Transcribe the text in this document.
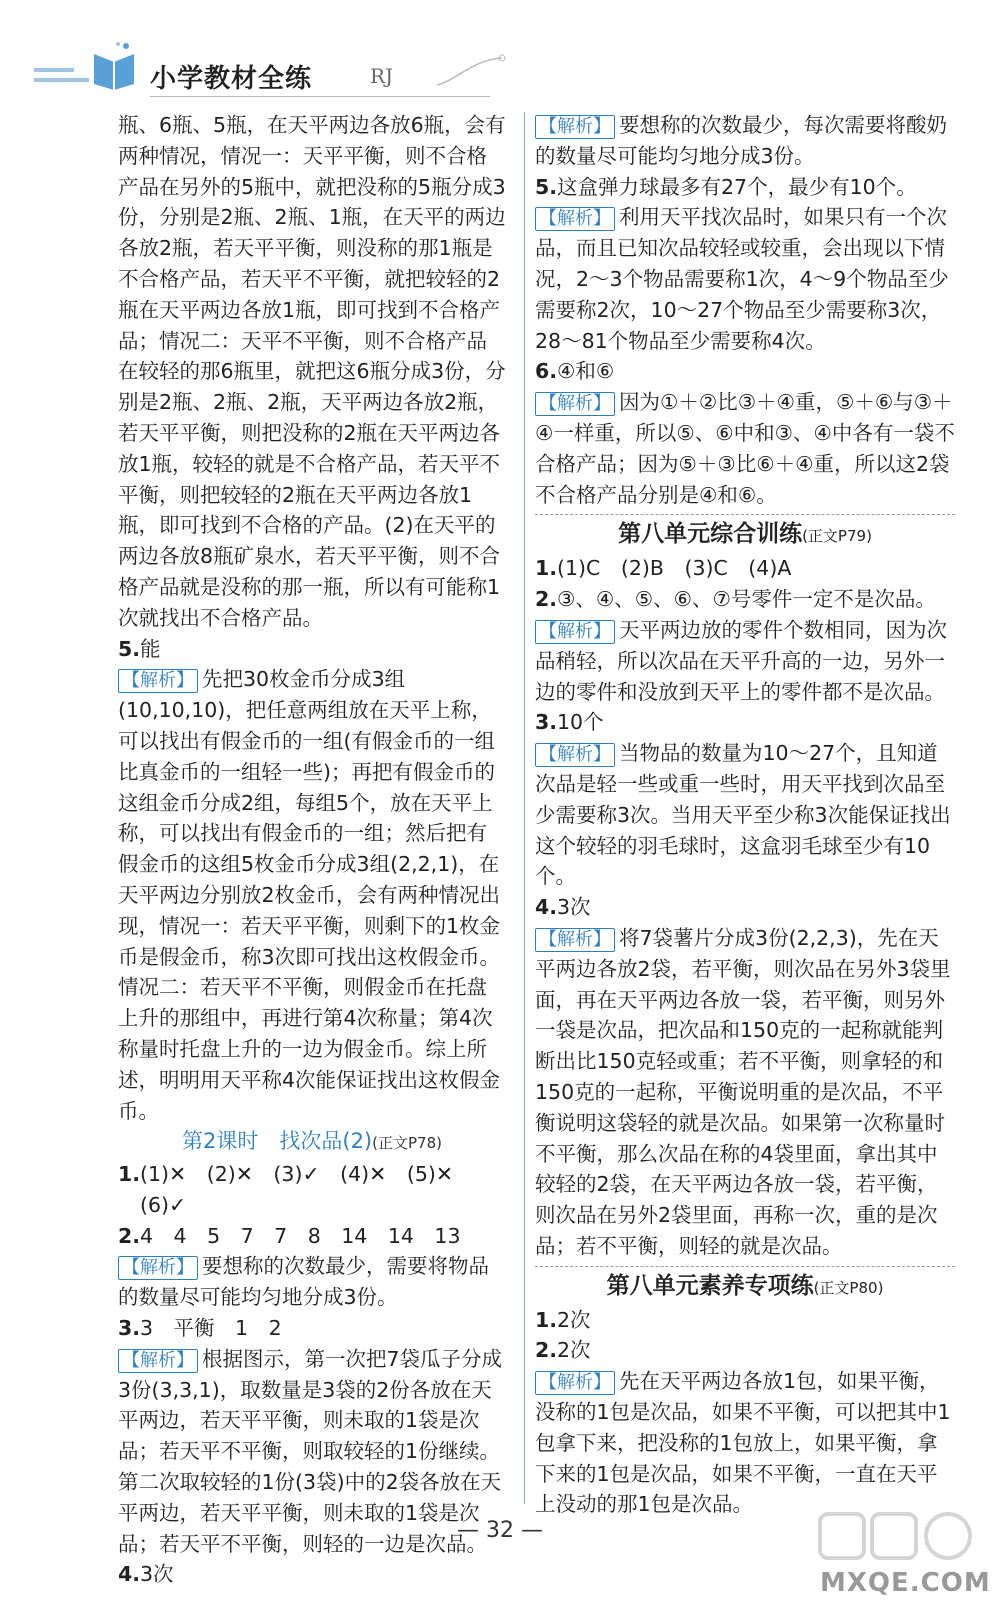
小学教材全练	RJ

瓶、6瓶、5瓶，在天平两边各放6瓶，会有两种情况，情况一：天平平衡，则不合格产品在另外的5瓶中，就把没称的5瓶分成3份，分别是2瓶、2瓶、1瓶，在天平的两边各放2瓶，若天平平衡，则没称的那1瓶是不合格产品，若天平不平衡，就把较轻的2瓶在天平两边各放1瓶，即可找到不合格产品；情况二：天平不平衡，则不合格产品在较轻的那6瓶里，就把这6瓶分成3份，分别是2瓶、2瓶、2瓶，天平两边各放2瓶，若天平平衡，则把没称的2瓶在天平两边各放1瓶，较轻的就是不合格产品，若天平不平衡，则把较轻的2瓶在天平两边各放1瓶，即可找到不合格的产品。(2)在天平的两边各放8瓶矿泉水，若天平平衡，则不合格产品就是没称的那一瓶，所以有可能称1次就找出不合格产品。

5.能

【解析】 先把30枚金币分成3组(10,10,10)，把任意两组放在天平上称，可以找出有假金币的一组(有假金币的一组比真金币的一组轻一些)；再把有假金币的这组金币分成2组，每组5个，放在天平上称，可以找出有假金币的一组；然后把有假金币的这组5枚金币分成3组(2,2,1)，在天平两边分别放2枚金币，会有两种情况出现，情况一：若天平平衡，则剩下的1枚金币是假金币，称3次即可找出这枚假金币。情况二：若天平不平衡，则假金币在托盘上升的那组中，再进行第4次称量；第4次称量时托盘上升的一边为假金币。综上所述，明明用天平称4次能保证找出这枚假金币。

第2课时　找次品(2)(正文P78)

1.(1)✕　(2)✕　(3)✓　(4)✕　(5)✕　(6)✓

2.4　4　5　7　7　8　14　14　13

【解析】 要想称的次数最少，需要将物品的数量尽可能均匀地分成3份。

3.3　平衡　1　2

【解析】 根据图示，第一次把7袋瓜子分成3份(3,3,1)，取数量是3袋的2份各放在天平两边，若天平平衡，则未取的1袋是次品；若天平不平衡，则取较轻的1份继续。第二次取较轻的1份(3袋)中的2袋各放在天平两边，若天平平衡，则未取的1袋是次品；若天平不平衡，则轻的一边是次品。

4.3次

【解析】 要想称的次数最少，每次需要将酸奶的数量尽可能均匀地分成3份。

5.这盒弹力球最多有27个，最少有10个。

【解析】 利用天平找次品时，如果只有一个次品，而且已知次品较轻或较重，会出现以下情况，2～3个物品需要称1次，4～9个物品至少需要称2次，10～27个物品至少需要称3次，28～81个物品至少需要称4次。

6.④和⑥

【解析】 因为①＋②比③＋④重，⑤＋⑥与③＋④一样重，所以⑤、⑥中和③、④中各有一袋不合格产品；因为⑤＋③比⑥＋④重，所以这2袋不合格产品分别是④和⑥。

第八单元综合训练(正文P79)

1.(1)C　(2)B　(3)C　(4)A

2.③、④、⑤、⑥、⑦号零件一定不是次品。

【解析】 天平两边放的零件个数相同，因为次品稍轻，所以次品在天平升高的一边，另外一边的零件和没放到天平上的零件都不是次品。

3.10个

【解析】 当物品的数量为10～27个，且知道次品是轻一些或重一些时，用天平找到次品至少需要称3次。当用天平至少称3次能保证找出这个较轻的羽毛球时，这盒羽毛球至少有10个。

4.3次

【解析】 将7袋薯片分成3份(2,2,3)，先在天平两边各放2袋，若平衡，则次品在另外3袋里面，再在天平两边各放一袋，若平衡，则另外一袋是次品，把次品和150克的一起称就能判断出比150克轻或重；若不平衡，则拿轻的和150克的一起称，平衡说明重的是次品，不平衡说明这袋轻的就是次品。如果第一次称量时不平衡，那么次品在称的4袋里面，拿出其中较轻的2袋，在天平两边各放一袋，若平衡，则次品在另外2袋里面，再称一次，重的是次品；若不平衡，则轻的就是次品。

第八单元素养专项练(正文P80)

1.2次

2.2次

【解析】 先在天平两边各放1包，如果平衡，没称的1包是次品，如果不平衡，可以把其中1包拿下来，把没称的1包放上，如果平衡，拿下来的1包是次品，如果不平衡，一直在天平上没动的那1包是次品。

— 32 —
MXQE.COM
